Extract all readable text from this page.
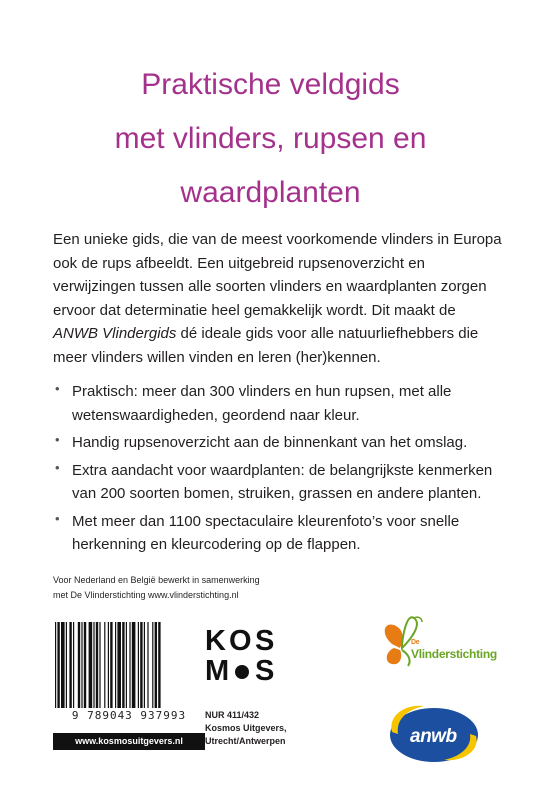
Praktische veldgids
met vlinders, rupsen en
waardplanten
Een unieke gids, die van de meest voorkomende vlinders in Europa ook de rups afbeeldt. Een uitgebreid rupsenoverzicht en verwijzingen tussen alle soorten vlinders en waardplanten zorgen ervoor dat determinatie heel gemakkelijk wordt. Dit maakt de ANWB Vlindergids dé ideale gids voor alle natuurliefhebbers die meer vlinders willen vinden en leren (her)kennen.
• Praktisch: meer dan 300 vlinders en hun rupsen, met alle wetenswaardigheden, geordend naar kleur.
• Handig rupsenoverzicht aan de binnenkant van het omslag.
• Extra aandacht voor waardplanten: de belangrijkste kenmerken van 200 soorten bomen, struiken, grassen en andere planten.
• Met meer dan 1100 spectaculaire kleurenfoto’s voor snelle herkenning en kleurcodering op de flappen.
Voor Nederland en België bewerkt in samenwerking
met De Vlinderstichting www.vlinderstichting.nl
9 789043 937993
www.kosmosuitgevers.nl
K O S
M S
NUR 411/432
Kosmos Uitgevers,
Utrecht/Antwerpen
De
Vlinderstichting
anwb
